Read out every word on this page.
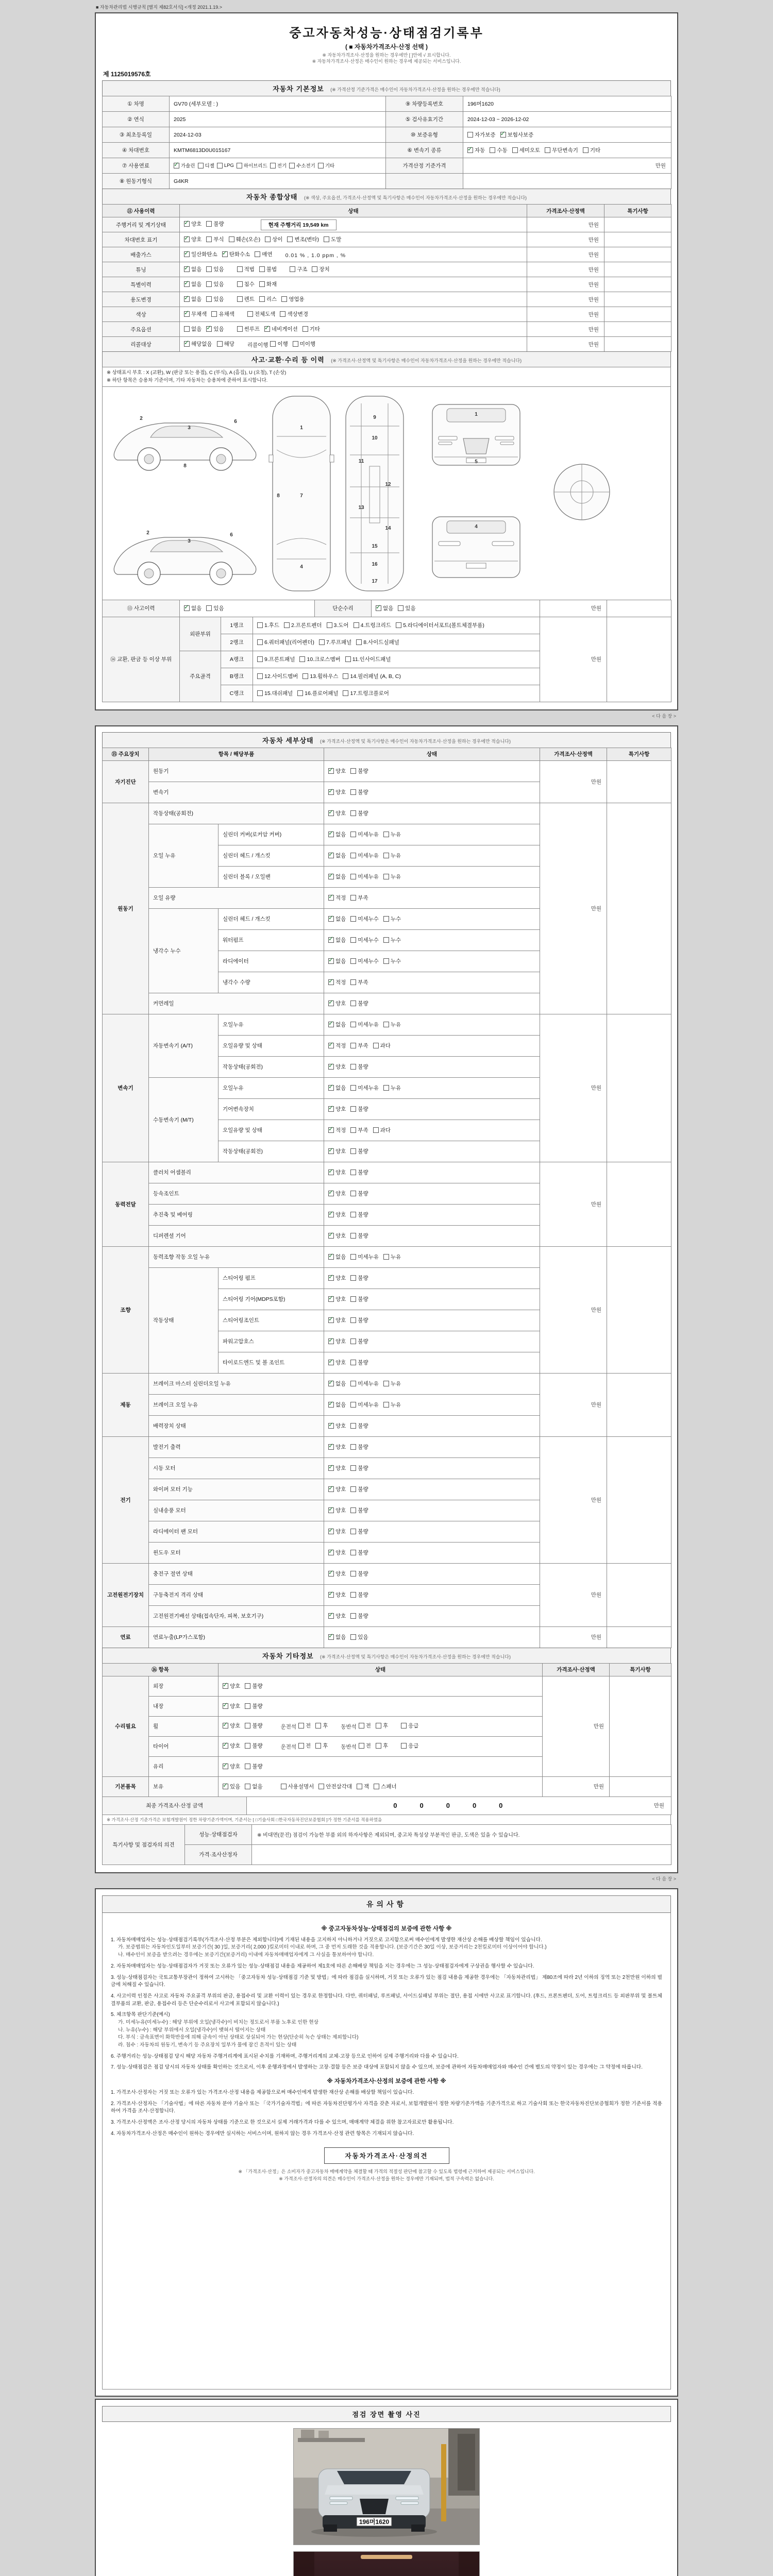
■ 자동차관리법 시행규칙 [별지 제82호서식] <개정 2021.1.19.>
중고자동차성능·상태점검기록부
( ■ 자동차가격조사·산정 선택 )
※ 자동차가격조사·산정을 원하는 경우에만 [ ]안에 √ 표시합니다.
※ 자동차가격조사·산정은 매수인이 원하는 경우에 제공되는 서비스입니다.
제 1125019576호
자동차 기본정보 (※ 가격산정 기준가격은 매수인이 자동차가격조사·산정을 원하는 경우에만 적습니다)
① 차명	GV70 (세부모델 : )	⑨ 차량등록번호	196머1620
② 연식	2025	⑤ 검사유효기간	2024-12-03 ~ 2026-12-02
③ 최초등록일	2024-12-03	⑩ 보증유형	자가보증 ✓ 보험사보증

④ 차대번호	KMTM6813D0U015167	⑥ 변속기 종류	
✓자동 수동 세미오토 무단변속기 기타

⑦ 사용연료	
✓가솔린 디젤 LPG 하이브리드 전기 수소전기 기타	가격산정 기준가격	만원
⑧ 원동기형식	G4KR		
자동차 종합상태 (※ 색상, 주요옵션, 가격조사·산정액 및 특기사항은 매수인이 자동차가격조사·산정을 원하는 경우에만 적습니다)
⑪ 사용이력	상태	가격조사·산정액	특기사항
주행거리 및 계기상태	
✓양호 불량 현재 주행거리 19,549 km	만원	
차대번호 표기	
✓양호 부식 훼손(오손) 상이 변조(변타) 도말	만원	
배출가스	
✓일산화탄소 ✓ 탄화수소 매연 0.01 % , 1.0 ppm , %	만원	
튜닝	
✓없음 있음	적법 불법	구조 장치	만원	
특별이력	
✓없음 있음 침수 화재	만원	
용도변경	
✓없음 있음 렌트 리스 영업용	만원	
색상	
✓무채색 유채색 전체도색 색상변경	만원	
주요옵션	없음 ✓ 있음 썬루프 ✓ 네비게이션 기타	만원	
리콜대상	
✓해당없음 해당 리콜이행 이행 미이행	만원	
사고·교환·수리 등 이력 (※ 가격조사·산정액 및 특기사항은 매수인이 자동차가격조사·산정을 원하는 경우에만 적습니다)
※ 상태표시 부호 : X (교환), W (판금 또는 용접), C (부식), A (흠집), U (요철), T (손상)
※ 하단 항목은 승용차 기준이며, 기타 자동차는 승용차에 준하여 표시합니다.
2
3
6
8
1
7
4
8
9
10
11
12
13
14
15
16
17
5
1
4
2
3
6
⑬ 사고이력	
✓없음 있음	단순수리	
✓없음 있음	만원	
⑭ 교환, 판금 등 이상 부위	외판부위	1랭크	1.후드 2.프론트펜더 3.도어 4.트렁크리드 5.라디에이터서포트(볼트체결부품)	만원	
		2랭크	6.쿼터패널(리어펜더) 7.루프패널 8.사이드실패널		

	주요골격	A랭크	9.프론트패널 10.크로스멤버 11.인사이드패널		

		B랭크	12.사이드멤버 13.휠하우스 14.필러패널 (A, B, C)		

		C랭크	15.대쉬패널 16.플로어패널 17.트렁크플로어		
< 다 음 장 >
자동차 세부상태 (※ 가격조사·산정액 및 특기사항은 매수인이 자동차가격조사·산정을 원하는 경우에만 적습니다)
⑮ 주요장치	항목 / 해당부품		상태	가격조사·산정액	특기사항
자기진단	원동기	
✓양호 불량	만원	
	변속기	
✓양호 불량

원동기	작동상태(공회전)	
✓양호 불량	만원	
	오일 누유	실린더 커버(로커암 커버)	
✓없음 미세누유 누유

		실린더 헤드 / 개스킷	
✓없음 미세누유 누유

		실린더 블록 / 오일팬	
✓없음 미세누유 누유

	오일 유량	
✓적정 부족

	냉각수 누수	실린더 헤드 / 개스킷	
✓없음 미세누수 누수

		워터펌프	
✓없음 미세누수 누수

		라디에이터	
✓없음 미세누수 누수

		냉각수 수량	
✓적정 부족

	커먼레일	
✓양호 불량

변속기	자동변속기 (A/T)	오일누유	
✓없음 미세누유 누유	만원	
		오일유량 및 상태	
✓적정 부족 과다

		작동상태(공회전)	
✓양호 불량

	수동변속기 (M/T)	오일누유	
✓없음 미세누유 누유

		기어변속장치	
✓양호 불량

		오일유량 및 상태	
✓적정 부족 과다

		작동상태(공회전)	
✓양호 불량

동력전달	클러치 어셈블리	
✓양호 불량	만원	
	등속조인트	
✓양호 불량

	추진축 및 베어링	
✓양호 불량

	디퍼렌셜 기어	
✓양호 불량

조향	동력조향 작동 오일 누유	
✓없음 미세누유 누유	만원	
	작동상태	스티어링 펌프	
✓양호 불량

		스티어링 기어(MDPS포함)	
✓양호 불량

		스티어링조인트	
✓양호 불량

		파워고압호스	
✓양호 불량

		타이로드엔드 및 볼 조인트	
✓양호 불량

제동	브레이크 마스터 실린더오일 누유	
✓없음 미세누유 누유	만원	
	브레이크 오일 누유	
✓없음 미세누유 누유

	배력장치 상태	
✓양호 불량

전기	발전기 출력	
✓양호 불량	만원	
	시동 모터	
✓양호 불량

	와이퍼 모터 기능	
✓양호 불량

	실내송풍 모터	
✓양호 불량

	라디에이터 팬 모터	
✓양호 불량

	윈도우 모터	
✓양호 불량

고전원전기장치	충전구 절연 상태	
✓양호 불량	만원	
	구동축전지 격리 상태	
✓양호 불량

	고전원전기배선 상태(접속단자, 피복, 보호기구)	
✓양호 불량

연료	연료누출(LP가스포함)	
✓없음 있음	만원	
자동차 기타정보 (※ 가격조사·산정액 및 특기사항은 매수인이 자동차가격조사·산정을 원하는 경우에만 적습니다)
⑯ 항목		상태	가격조사·산정액	특기사항
수리필요	외장	
✓양호 불량	만원	
	내장	
✓양호 불량

휠	
✓양호 불량	운전석 전 후 동반석 전 후	응급

타이어	
✓양호 불량	운전석 전 후 동반석 전 후	응급

	유리	
✓양호 불량

기본품목	보유	
✓있음 없음	사용설명서 안전삼각대 잭 스패너	만원	
최종 가격조사·산정 금액	만원
00000
※ 가격조사·산정 기준가격은 보험개발원이 정한 차량기준가액이며, 기준서는 [ □기술사회 □한국자동차진단보증협회 ]가 정한 기준서를 적용하였음
특기사항 및 점검자의 의견	성능·상태점검자	※ 비대면(문진) 점검이 가능한 부품 외의 하자사항은 제외되며, 중고차 특성상 부분적인 판금, 도색은 있을 수 있습니다.
	가격·조사산정자	
< 다 음 장 >
유의사항
※ 중고자동차성능·상태점검의 보증에 관한 사항 ※
1. 자동차매매업자는 성능·상태점검기록부(가격조사·산정 부분은 제외합니다)에 기재된 내용을 고지하지 아니하거나 거짓으로 고지함으로써 매수인에게 발생한 재산상 손해를 배상할 책임이 있습니다.
가. 보증범위는 자동차인도일부터 보증기간( 30 )일, 보증거리( 2,000 )킬로미터 이내로 하며, 그 중 먼저 도래한 것을 적용합니다. (보증기간은 30일 이상, 보증거리는 2천킬로미터 이상이어야 합니다.)
나. 매수인이 보증을 받으려는 경우에는 보증기간(보증거리) 이내에 자동차매매업자에게 그 사실을 통보하여야 합니다.
2. 자동차매매업자는 성능·상태점검자가 거짓 또는 오류가 있는 성능·상태점검 내용을 제공하여 제1호에 따른 손해배상 책임을 지는 경우에는 그 성능·상태점검자에게 구상권을 행사할 수 있습니다.
3. 성능·상태점검자는 국토교통부장관이 정하여 고시하는 「중고자동차 성능·상태점검 기준 및 방법」에 따라 점검을 실시하며, 거짓 또는 오류가 있는 점검 내용을 제공한 경우에는 「자동차관리법」 제80조에 따라 2년 이하의 징역 또는 2천만원 이하의 벌금에 처해질 수 있습니다.
4. 사고이력 인정은 사고로 자동차 주요골격 부위의 판금, 용접수리 및 교환 이력이 있는 경우로 한정합니다. 다만, 쿼터패널, 루프패널, 사이드실패널 부위는 절단, 용접 시에만 사고로 표기합니다. (후드, 프론트펜더, 도어, 트렁크리드 등 외판부위 및 볼트체결부품의 교환, 판금, 용접수리 등은 단순수리로서 사고에 포함되지 않습니다.)
5. 체크항목 판단기준(예시)
가. 미세누유(미세누수) : 해당 부위에 오일(냉각수)이 비치는 정도로서 부품 노후로 인한 현상
나. 누유(누수) : 해당 부위에서 오일(냉각수)이 맺혀서 떨어지는 상태
다. 부식 : 금속표면이 화학반응에 의해 금속이 아닌 상태로 상실되어 가는 현상(단순히 녹슨 상태는 제외합니다)
라. 침수 : 자동차의 원동기, 변속기 등 주요장치 일부가 물에 잠긴 흔적이 있는 상태
6. 주행거리는 성능·상태점검 당시 해당 자동차 주행거리계에 표시된 수치를 기재하며, 주행거리계의 교체·고장 등으로 인하여 실제 주행거리와 다를 수 있습니다.
7. 성능·상태점검은 점검 당시의 자동차 상태를 확인하는 것으로서, 이후 운행과정에서 발생하는 고장·결함 등은 보증 대상에 포함되지 않을 수 있으며, 보증에 관하여 자동차매매업자와 매수인 간에 별도의 약정이 있는 경우에는 그 약정에 따릅니다.
※ 자동차가격조사·산정의 보증에 관한 사항 ※
1. 가격조사·산정자는 거짓 또는 오류가 있는 가격조사·산정 내용을 제공함으로써 매수인에게 발생한 재산상 손해를 배상할 책임이 있습니다.
2. 가격조사·산정자는 「기술사법」에 따른 자동차 분야 기술사 또는 「국가기술자격법」에 따른 자동차진단평가사 자격을 갖춘 자로서, 보험개발원이 정한 차량기준가액을 기준가격으로 하고 기술사회 또는 한국자동차진단보증협회가 정한 기준서를 적용하여 가격을 조사·산정합니다.
3. 가격조사·산정액은 조사·산정 당시의 자동차 상태를 기준으로 한 것으로서 실제 거래가격과 다를 수 있으며, 매매계약 체결을 위한 참고자료로만 활용됩니다.
4. 자동차가격조사·산정은 매수인이 원하는 경우에만 실시하는 서비스이며, 원하지 않는 경우 가격조사·산정 관련 항목은 기재되지 않습니다.
자동차가격조사·산정의견
※ 「가격조사·산정」은 소비자가 중고자동차 매매계약을 체결할 때 가격의 적절성 판단에 참고할 수 있도록 법령에 근거하여 제공되는 서비스입니다.
※ 가격조사·산정자의 의견은 매수인이 가격조사·산정을 원하는 경우에만 기재되며, 법적 구속력은 없습니다.
점검 장면 촬영 사진
196머1620
